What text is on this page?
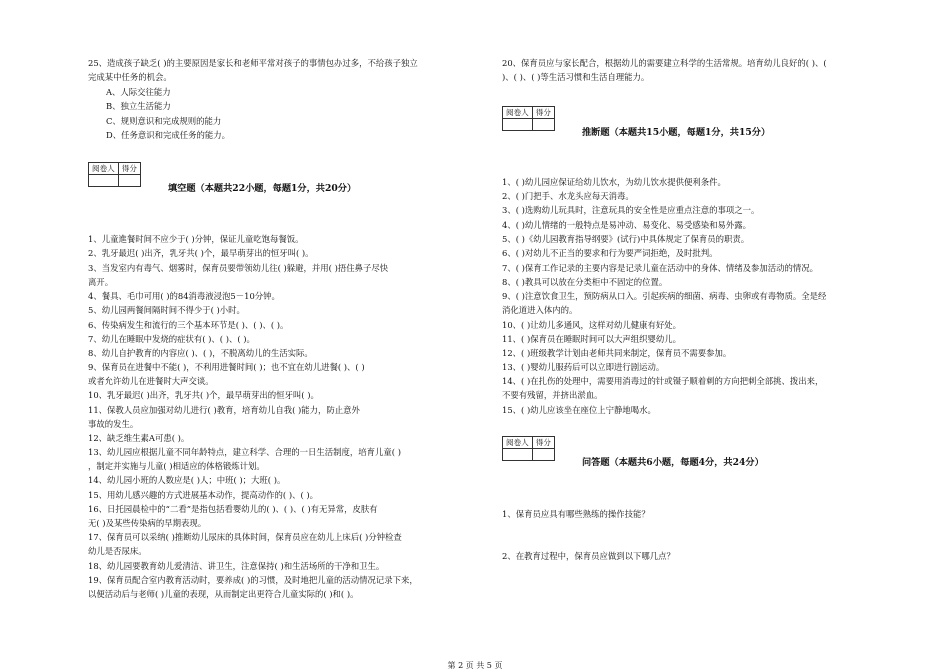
25、造成孩子缺乏( )的主要原因是家长和老师平常对孩子的事情包办过多，不给孩子独立
完成某中任务的机会。
A、人际交往能力
B、独立生活能力
C、规则意识和完成规则的能力
D、任务意识和完成任务的能力。
阅卷人	得分

填空题（本题共22小题，每题1分，共20分）
1、儿童進餐时间不应少于( )分钟，保证儿童吃饱每餐饭。
2、乳牙最迟( )出齐，乳牙共( )个，最早萌芽出的恒牙叫( )。
3、当发室内有毒气、烟雾时，保育员要带领幼儿往( )躲避，并用( )捂住鼻子尽快
离开。
4、餐具、毛巾可用( )的84消毒液浸泡5－10分钟。
5、幼儿园两餐间隔时间不得少于( )小时。
6、传染病发生和流行的三个基本环节是( )、( )、( )。
7、幼儿在睡眠中发烧的症状有( )、( )、( )。
8、幼儿自护教育的内容应( )、( )，不脱离幼儿的生活实际。
9、保育员在进餐中不能( )，不利用进餐时间( )；也不宜在幼儿进餐( )、( )
或者允许幼儿在进餐时大声交谈。
10、乳牙最迟( )出齐，乳牙共( )个，最早萌芽出的恒牙叫( )。
11、保教人员应加强对幼儿进行( )教育，培育幼儿自我( )能力，防止意外
事故的发生。
12、缺乏维生素A可患( )。
13、幼儿园应根据儿童不同年龄特点，建立科学、合理的一日生活制度，培育儿童( )
，制定并实施与儿童( )相适应的体格锻炼计划。
14、幼儿园小班的人数应是( )人；中班( )；大班( )。
15、用幼儿感兴趣的方式进展基本动作，提高动作的( )、( )。
16、日托园晨检中的“二看”是指包括看婴幼儿的( )、( )、( )有无异常，皮肤有
无( )及某些传染病的早期表现。
17、保育员可以采纳( )推断幼儿尿床的具体时间，保育员应在幼儿上床后( )分钟检查
幼儿是否尿床。
18、幼儿园要教育幼儿爱清洁、讲卫生，注意保持( )和生活场所的干净和卫生。
19、保育员配合室内教育活动时，要养成( )的习惯，及时地把儿童的活动情况记录下来，
以便活动后与老师( )儿童的表现，从而制定出更符合儿童实际的( )和( )。
20、保育员应与家长配合，根据幼儿的需要建立科学的生活常规。培育幼儿良好的( )、(
)、( )、( )等生活习惯和生活自理能力。
阅卷人	得分

推断题（本题共15小题，每题1分，共15分）
1、( )幼儿园应保证给幼儿饮水，为幼儿饮水提供便利条件。
2、( )门把手、水龙头应每天消毒。
3、( )选购幼儿玩具时，注意玩具的安全性是应重点注意的事项之一。
4、( )幼儿情绪的一般特点是易冲动、易变化、易受感染和易外露。
5、( )《幼儿园教育指导纲要》(试行)中具体规定了保育员的职责。
6、( )对幼儿不正当的要求和行为要严词拒绝，及时批判。
7、( )保育工作记录的主要内容是记录儿童在活动中的身体、情绪及参加活动的情况。
8、( )教具可以放在分类柜中不固定的位置。
9、( )注意饮食卫生，预防病从口入。引起疾病的细菌、病毒、虫卵或有毒物质。全是经
消化道进入体内的。
10、( )让幼儿多通风，这样对幼儿健康有好处。
11、( )保育员在睡眠时间可以大声组织婴幼儿。
12、( )班级教学计划由老师共同来制定，保育员不需要参加。
13、( )婴幼儿服药后可以立即进行剧运动。
14、( )在扎伤的处理中，需要用消毒过的针或镊子顺着刺的方向把刺全部挑、拨出来，
不要有残留，并挤出淤血。
15、( )幼儿应该坐在座位上宁静地喝水。
阅卷人	得分

问答题（本题共6小题，每题4分，共24分）
1、保育员应具有哪些熟练的操作技能？
2、在教育过程中，保育员应做到以下哪几点？
第 2 页 共 5 页
